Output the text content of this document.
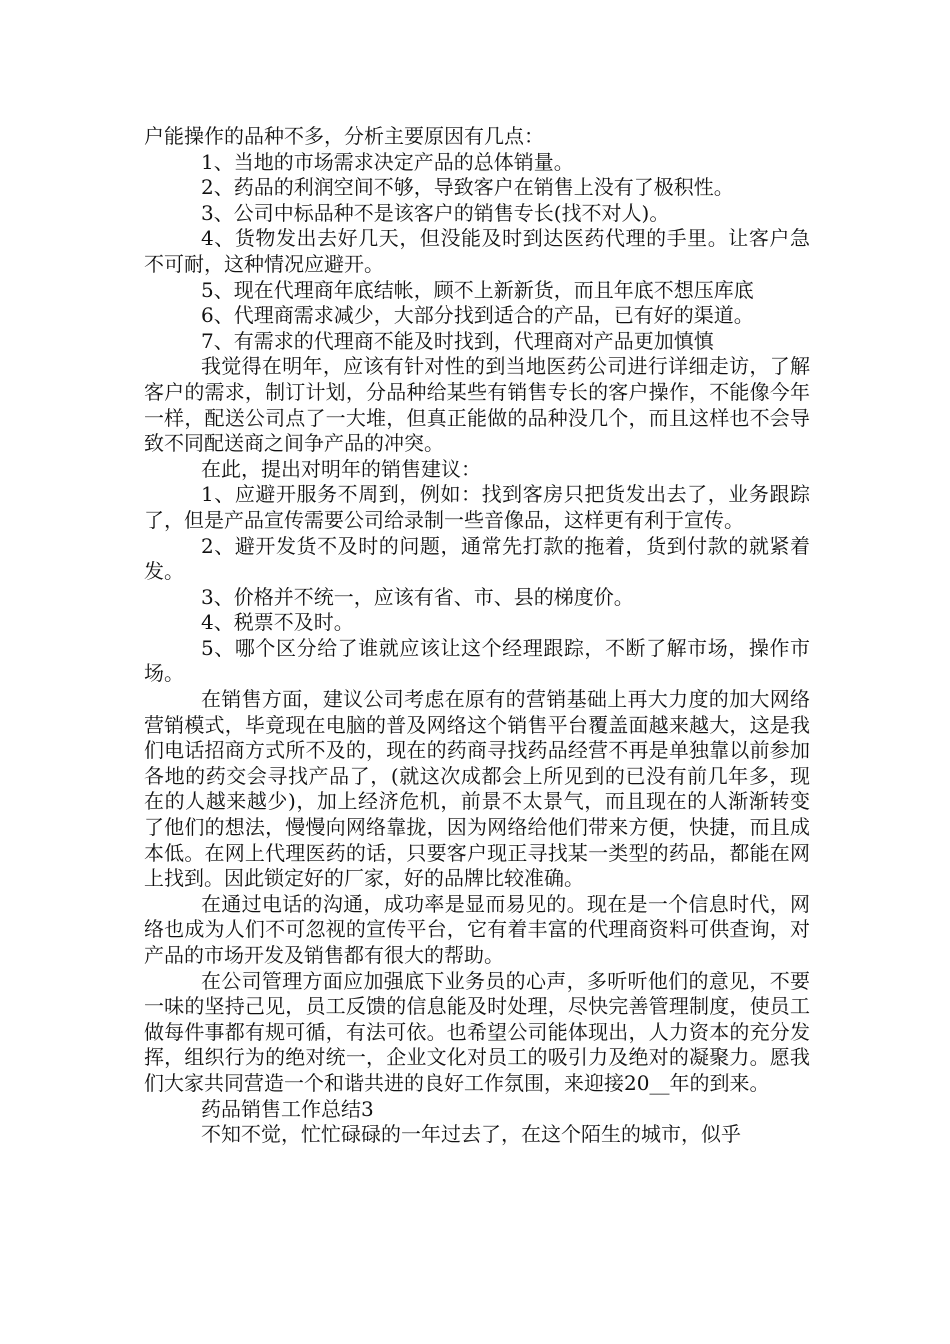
户能操作的品种不多，分析主要原因有几点：

1、当地的市场需求决定产品的总体销量。

2、药品的利润空间不够，导致客户在销售上没有了极积性。

3、公司中标品种不是该客户的销售专长(找不对人)。

4、货物发出去好几天，但没能及时到达医药代理的手里。让客户急不可耐，这种情况应避开。

5、现在代理商年底结帐，顾不上新新货，而且年底不想压库底

6、代理商需求减少，大部分找到适合的产品，已有好的渠道。

7、有需求的代理商不能及时找到，代理商对产品更加慎慎

我觉得在明年，应该有针对性的到当地医药公司进行详细走访，了解客户的需求，制订计划，分品种给某些有销售专长的客户操作，不能像今年一样，配送公司点了一大堆，但真正能做的品种没几个，而且这样也不会导致不同配送商之间争产品的冲突。

在此，提出对明年的销售建议：

1、应避开服务不周到，例如：找到客房只把货发出去了，业务跟踪了，但是产品宣传需要公司给录制一些音像品，这样更有利于宣传。

2、避开发货不及时的问题，通常先打款的拖着，货到付款的就紧着发。

3、价格并不统一，应该有省、市、县的梯度价。

4、税票不及时。

5、哪个区分给了谁就应该让这个经理跟踪，不断了解市场，操作市场。

在销售方面，建议公司考虑在原有的营销基础上再大力度的加大网络营销模式，毕竟现在电脑的普及网络这个销售平台覆盖面越来越大，这是我们电话招商方式所不及的，现在的药商寻找药品经营不再是单独靠以前参加各地的药交会寻找产品了，(就这次成都会上所见到的已没有前几年多，现在的人越来越少)，加上经济危机，前景不太景气，而且现在的人渐渐转变了他们的想法，慢慢向网络靠拢，因为网络给他们带来方便，快捷，而且成本低。在网上代理医药的话，只要客户现正寻找某一类型的药品，都能在网上找到。因此锁定好的厂家，好的品牌比较准确。

在通过电话的沟通，成功率是显而易见的。现在是一个信息时代，网络也成为人们不可忽视的宣传平台，它有着丰富的代理商资料可供查询，对产品的市场开发及销售都有很大的帮助。

在公司管理方面应加强底下业务员的心声，多听听他们的意见，不要一味的坚持己见，员工反馈的信息能及时处理，尽快完善管理制度，使员工做每件事都有规可循，有法可依。也希望公司能体现出，人力资本的充分发挥，组织行为的绝对统一，企业文化对员工的吸引力及绝对的凝聚力。愿我们大家共同营造一个和谐共进的良好工作氛围，来迎接20__年的到来。

药品销售工作总结3

不知不觉，忙忙碌碌的一年过去了，在这个陌生的城市，似乎
